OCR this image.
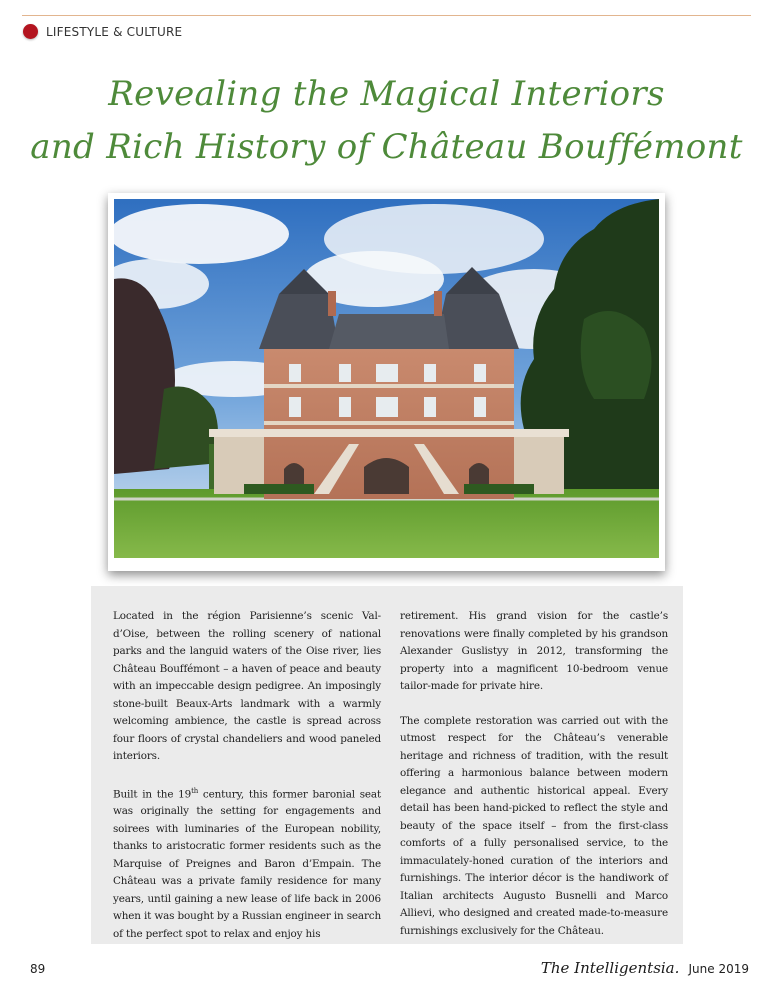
LIFESTYLE & CULTURE
Revealing the Magical Interiors
and Rich History of Château Bouffémont

Located in the région Parisienne’s scenic Val-d’Oise, between the rolling scenery of national parks and the languid waters of the Oise river, lies Château Bouffémont – a haven of peace and beauty with an impeccable design pedigree. An imposingly stone-built Beaux-Arts landmark with a warmly welcoming ambience, the castle is spread across four floors of crystal chandeliers and wood paneled interiors.

Built in the 19th century, this former baronial seat was originally the setting for engagements and soirees with luminaries of the European nobility, thanks to aristocratic former residents such as the Marquise of Preignes and Baron d’Empain. The Château was a private family residence for many years, until gaining a new lease of life back in 2006 when it was bought by a Russian engineer in search of the perfect spot to relax and enjoy his

retirement. His grand vision for the castle’s renovations were finally completed by his grandson Alexander Guslistyy in 2012, transforming the property into a magnificent 10-bedroom venue tailor-made for private hire.

The complete restoration was carried out with the utmost respect for the Château’s venerable heritage and richness of tradition, with the result offering a harmonious balance between modern elegance and authentic historical appeal. Every detail has been hand-picked to reflect the style and beauty of the space itself – from the first-class comforts of a fully personalised service, to the immaculately-honed curation of the interiors and furnishings. The interior décor is the handiwork of Italian architects Augusto Busnelli and Marco Allievi, who designed and created made-to-measure furnishings exclusively for the Château.

89	The Intelligentsia. June 2019
